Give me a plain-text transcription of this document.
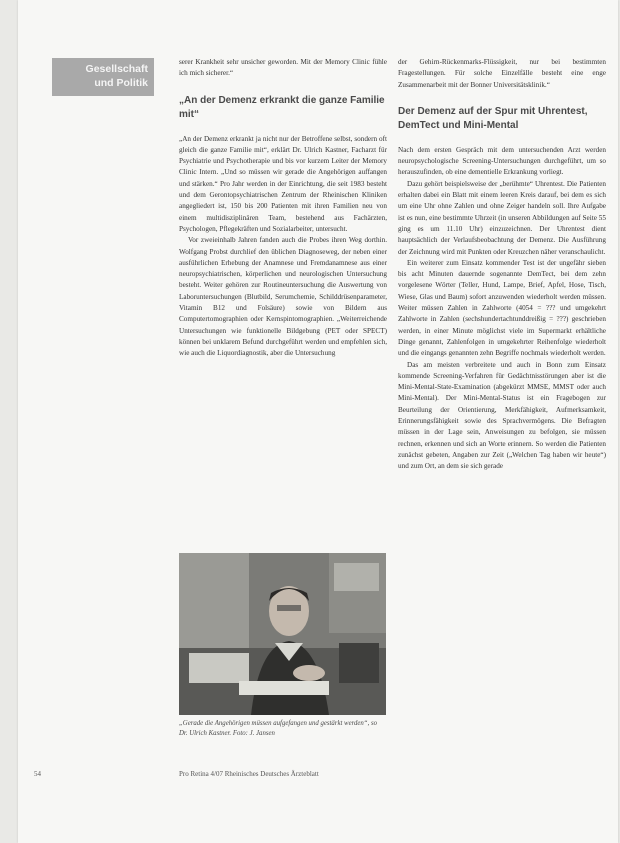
Gesellschaft
und Politik

serer Krankheit sehr unsicher geworden. Mit der Memory Clinic fühle ich mich sicherer.“

„An der Demenz erkrankt die ganze Familie mit“

„An der Demenz erkrankt ja nicht nur der Betroffene selbst, sondern oft gleich die ganze Familie mit“, erklärt Dr. Ulrich Kastner, Facharzt für Psychiatrie und Psychotherapie und bis vor kurzem Leiter der Memory Clinic Intern. „Und so müssen wir gerade die Angehörigen auffangen und stärken.“ Pro Jahr werden in der Einrichtung, die seit 1983 besteht und dem Gerontopsychiatrischen Zentrum der Rheinischen Kliniken angegliedert ist, 150 bis 200 Patienten mit ihren Familien neu von einem multidisziplinären Team, bestehend aus Fachärzten, Psychologen, Pflegekräften und Sozialarbeiter, untersucht.

Vor zweieinhalb Jahren fanden auch die Probes ihren Weg dorthin. Wolfgang Probst durchlief den üblichen Diagnoseweg, der neben einer ausführlichen Erhebung der Anamnese und Fremdanamnese aus einer neuropsychiatrischen, körperlichen und neurologischen Untersuchung besteht. Weiter gehören zur Routineuntersuchung die Auswertung von Laboruntersuchungen (Blutbild, Serumchemie, Schilddrüsenparameter, Vitamin B12 und Folsäure) sowie von Bildern aus Computertomographien oder Kernspintomographien. „Weiterreichende Untersuchungen wie funktionelle Bildgebung (PET oder SPECT) können bei unklarem Befund durchgeführt werden und empfehlen sich, wie auch die Liquordiagnostik, aber die Untersuchung

„Gerade die Angehörigen müssen aufgefangen und gestärkt werden“, so Dr. Ulrich Kastner. Foto: J. Jansen

der Gehirn-Rückenmarks-Flüssigkeit, nur bei bestimmten Fragestellungen. Für solche Einzelfälle besteht eine enge Zusammenarbeit mit der Bonner Universitätsklinik.“

Der Demenz auf der Spur mit Uhrentest, DemTect und Mini-Mental

Nach dem ersten Gespräch mit dem untersuchenden Arzt werden neuropsychologische Screening-Untersuchungen durchgeführt, um so herauszufinden, ob eine dementielle Erkrankung vorliegt.

Dazu gehört beispielsweise der „berühmte“ Uhrentest. Die Patienten erhalten dabei ein Blatt mit einem leeren Kreis darauf, bei dem es sich um eine Uhr ohne Zahlen und ohne Zeiger handeln soll. Ihre Aufgabe ist es nun, eine bestimmte Uhrzeit (in unseren Abbildungen auf Seite 55 ging es um 11.10 Uhr) einzuzeichnen. Der Uhrentest dient hauptsächlich der Verlaufsbeobachtung der Demenz. Die Ausführung der Zeichnung wird mit Punkten oder Kreuzchen näher veranschaulicht.

Ein weiterer zum Einsatz kommender Test ist der ungefähr sieben bis acht Minuten dauernde sogenannte DemTect, bei dem zehn vorgelesene Wörter (Teller, Hund, Lampe, Brief, Apfel, Hose, Tisch, Wiese, Glas und Baum) sofort anzuwenden wiederholt werden müssen. Weiter müssen Zahlen in Zahlworte (4054 = ??? und umgekehrt Zahlworte in Zahlen (sechshundertachtunddreißig = ???) geschrieben werden, in einer Minute möglichst viele im Supermarkt erhältliche Dinge genannt, Zahlenfolgen in umgekehrter Reihenfolge wiederholt und die eingangs genannten zehn Begriffe nochmals wiederholt werden.

Das am meisten verbreitete und auch in Bonn zum Einsatz kommende Screening-Verfahren für Gedächtnisstörungen aber ist die Mini-Mental-State-Examination (abgekürzt MMSE, MMST oder auch Mini-Mental). Der Mini-Mental-Status ist ein Fragebogen zur Beurteilung der Orientierung, Merkfähigkeit, Aufmerksamkeit, Erinnerungsfähigkeit sowie des Sprachvermögens. Die Befragten müssen in der Lage sein, Anweisungen zu befolgen, sie müssen rechnen, erkennen und sich an Worte erinnern. So werden die Patienten zunächst gebeten, Angaben zur Zeit („Welchen Tag haben wir heute“) und zum Ort, an dem sie sich gerade

54	Pro Retina 4/07 Rheinisches Deutsches Ärzteblatt
